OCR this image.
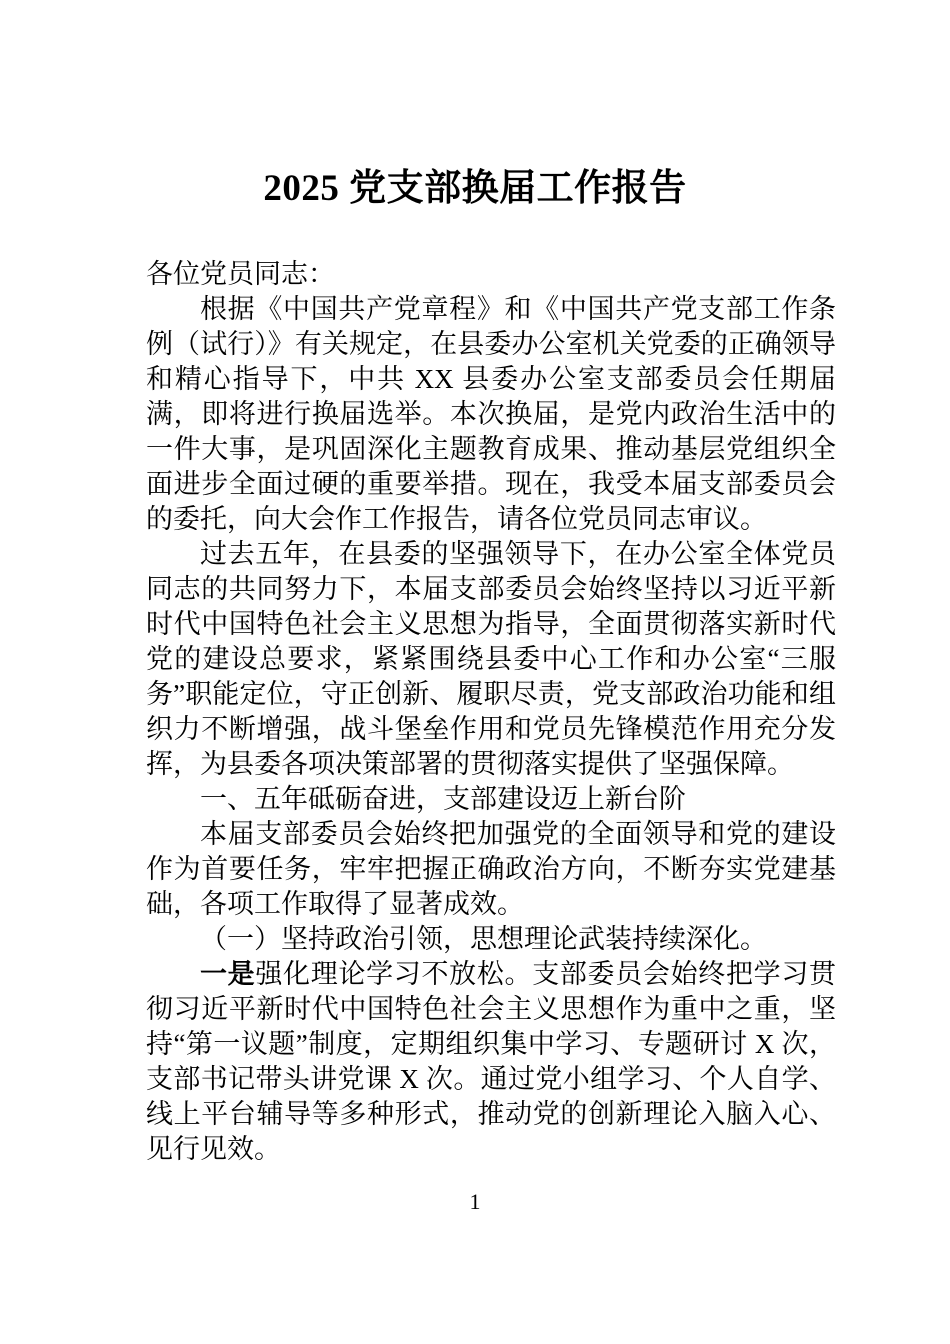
2025 党支部换届工作报告

各位党员同志：

根据《中国共产党章程》和《中国共产党支部工作条例（试行）》有关规定，在县委办公室机关党委的正确领导和精心指导下，中共 XX 县委办公室支部委员会任期届满，即将进行换届选举。本次换届，是党内政治生活中的一件大事，是巩固深化主题教育成果、推动基层党组织全面进步全面过硬的重要举措。现在，我受本届支部委员会的委托，向大会作工作报告，请各位党员同志审议。

过去五年，在县委的坚强领导下，在办公室全体党员同志的共同努力下，本届支部委员会始终坚持以习近平新时代中国特色社会主义思想为指导，全面贯彻落实新时代党的建设总要求，紧紧围绕县委中心工作和办公室“三服务”职能定位，守正创新、履职尽责，党支部政治功能和组织力不断增强，战斗堡垒作用和党员先锋模范作用充分发挥，为县委各项决策部署的贯彻落实提供了坚强保障。

一、五年砥砺奋进，支部建设迈上新台阶

本届支部委员会始终把加强党的全面领导和党的建设作为首要任务，牢牢把握正确政治方向，不断夯实党建基础，各项工作取得了显著成效。

（一）坚持政治引领，思想理论武装持续深化。

一是强化理论学习不放松。支部委员会始终把学习贯彻习近平新时代中国特色社会主义思想作为重中之重，坚持“第一议题”制度，定期组织集中学习、专题研讨 X 次，支部书记带头讲党课 X 次。通过党小组学习、个人自学、线上平台辅导等多种形式，推动党的创新理论入脑入心、见行见效。

1
